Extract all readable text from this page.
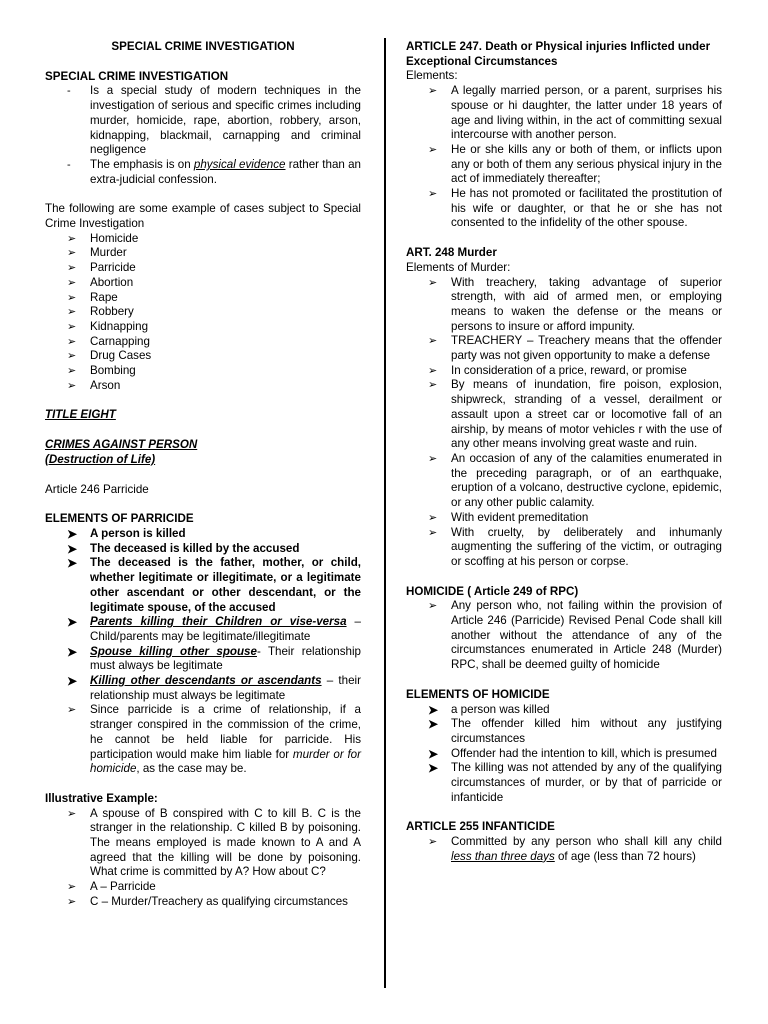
SPECIAL CRIME INVESTIGATION

SPECIAL CRIME INVESTIGATION

- Is a special study of modern techniques in the investigation of serious and specific crimes including murder, homicide, rape, abortion, robbery, arson, kidnapping, blackmail, carnapping and criminal negligence
- The emphasis is on physical evidence rather than an extra-judicial confession.

The following are some example of cases subject to Special Crime Investigation

➢ Homicide
➢ Murder
➢ Parricide
➢ Abortion
➢ Rape
➢ Robbery
➢ Kidnapping
➢ Carnapping
➢ Drug Cases
➢ Bombing
➢ Arson

TITLE EIGHT

CRIMES AGAINST PERSON

(Destruction of Life)

Article 246 Parricide

ELEMENTS OF PARRICIDE

➤ A person is killed
➤ The deceased is killed by the accused
➤ The deceased is the father, mother, or child, whether legitimate or illegitimate, or a legitimate other ascendant or other descendant, or the legitimate spouse, of the accused
➤ Parents killing their Children or vise-versa – Child/parents may be legitimate/illegitimate
➤ Spouse killing other spouse- Their relationship must always be legitimate
➤ Killing other descendants or ascendants – their relationship must always be legitimate
➢ Since parricide is a crime of relationship, if a stranger conspired in the commission of the crime, he cannot be held liable for parricide. His participation would make him liable for murder or for homicide, as the case may be.

Illustrative Example:

➢ A spouse of B conspired with C to kill B. C is the stranger in the relationship. C killed B by poisoning. The means employed is made known to A and A agreed that the killing will be done by poisoning. What crime is committed by A? How about C?
➢ A – Parricide
➢ C – Murder/Treachery as qualifying circumstances

ARTICLE 247. Death or Physical injuries Inflicted under Exceptional Circumstances

Elements:

➢ A legally married person, or a parent, surprises his spouse or hi daughter, the latter under 18 years of age and living within, in the act of committing sexual intercourse with another person.
➢ He or she kills any or both of them, or inflicts upon any or both of them any serious physical injury in the act of immediately thereafter;
➢ He has not promoted or facilitated the prostitution of his wife or daughter, or that he or she has not consented to the infidelity of the other spouse.

ART. 248 Murder

Elements of Murder:

➢ With treachery, taking advantage of superior strength, with aid of armed men, or employing means to waken the defense or the means or persons to insure or afford impunity.
➢ TREACHERY – Treachery means that the offender party was not given opportunity to make a defense
➢ In consideration of a price, reward, or promise
➢ By means of inundation, fire poison, explosion, shipwreck, stranding of a vessel, derailment or assault upon a street car or locomotive fall of an airship, by means of motor vehicles r with the use of any other means involving great waste and ruin.
➢ An occasion of any of the calamities enumerated in the preceding paragraph, or of an earthquake, eruption of a volcano, destructive cyclone, epidemic, or any other public calamity.
➢ With evident premeditation
➢ With cruelty, by deliberately and inhumanly augmenting the suffering of the victim, or outraging or scoffing at his person or corpse.

HOMICIDE ( Article 249 of RPC)

➢ Any person who, not failing within the provision of Article 246 (Parricide) Revised Penal Code shall kill another without the attendance of any of the circumstances enumerated in Article 248 (Murder) RPC, shall be deemed guilty of homicide

ELEMENTS OF HOMICIDE

➤ a person was killed
➤ The offender killed him without any justifying circumstances
➤ Offender had the intention to kill, which is presumed
➤ The killing was not attended by any of the qualifying circumstances of murder, or by that of parricide or infanticide

ARTICLE 255 INFANTICIDE

➢ Committed by any person who shall kill any child less than three days of age (less than 72 hours)
